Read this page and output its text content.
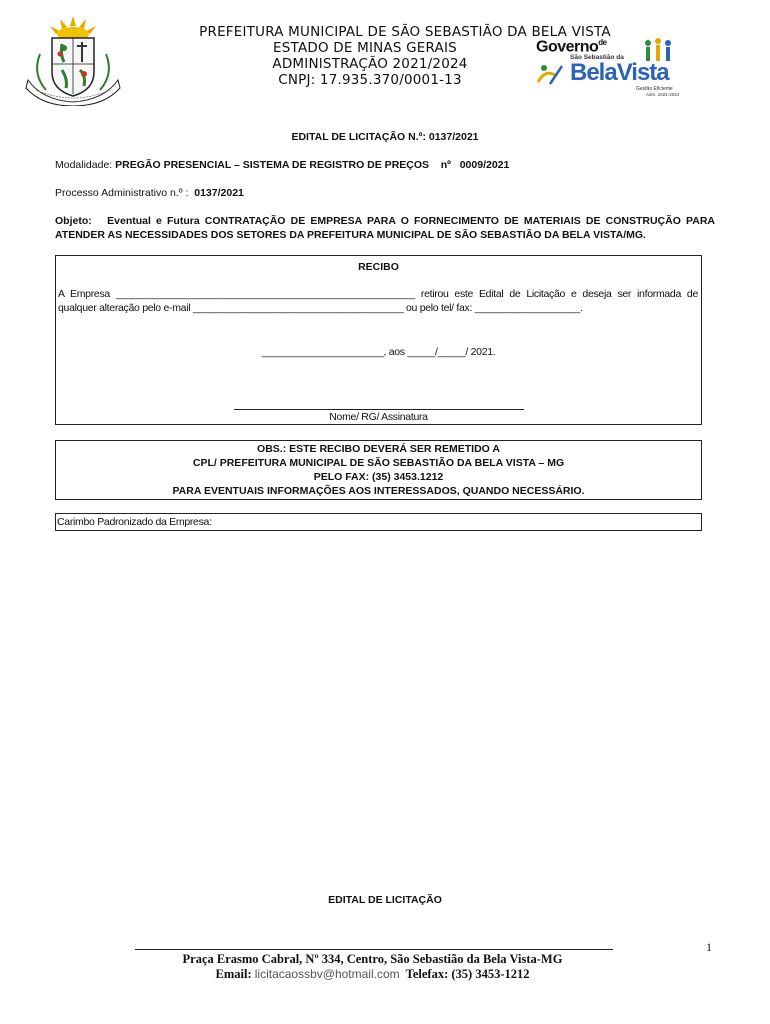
PREFEITURA MUNICIPAL DE SÃO SEBASTIÃO DA BELA VISTA
ESTADO DE MINAS GERAIS
ADMINISTRAÇÃO 2021/2024
CNPJ: 17.935.370/0001-13
Governo$^{de}$
São Sebastião da
BelaVista
Gestão Eficiente
Adm. 2021-2024
EDITAL DE LICITAÇÃO N.º: 0137/2021
Modalidade: PREGÃO PRESENCIAL – SISTEMA DE REGISTRO DE PREÇOS nº 0009/2021
Processo Administrativo n.º : 0137/2021
Objeto: Eventual e Futura CONTRATAÇÃO DE EMPRESA PARA O FORNECIMENTO DE MATERIAIS DE CONSTRUÇÃO PARA ATENDER AS NECESSIDADES DOS SETORES DA PREFEITURA MUNICIPAL DE SÃO SEBASTIÃO DA BELA VISTA/MG.
RECIBO
A Empresa ______________________________________________________ retirou este Edital de Licitação e deseja ser informada de qualquer alteração pelo e-mail ______________________________________ ou pelo tel/ fax: ___________________.
______________________, aos _____/_____/ 2021.
Nome/ RG/ Assinatura
OBS.: ESTE RECIBO DEVERÁ SER REMETIDO A
CPL/ PREFEITURA MUNICIPAL DE SÃO SEBASTIÃO DA BELA VISTA – MG
PELO FAX: (35) 3453.1212
PARA EVENTUAIS INFORMAÇÕES AOS INTERESSADOS, QUANDO NECESSÁRIO.
Carimbo Padronizado da Empresa:
EDITAL DE LICITAÇÃO
1
Praça Erasmo Cabral, Nº 334, Centro, São Sebastião da Bela Vista-MG
Email: licitacaossbv@hotmail.com Telefax: (35) 3453-1212
